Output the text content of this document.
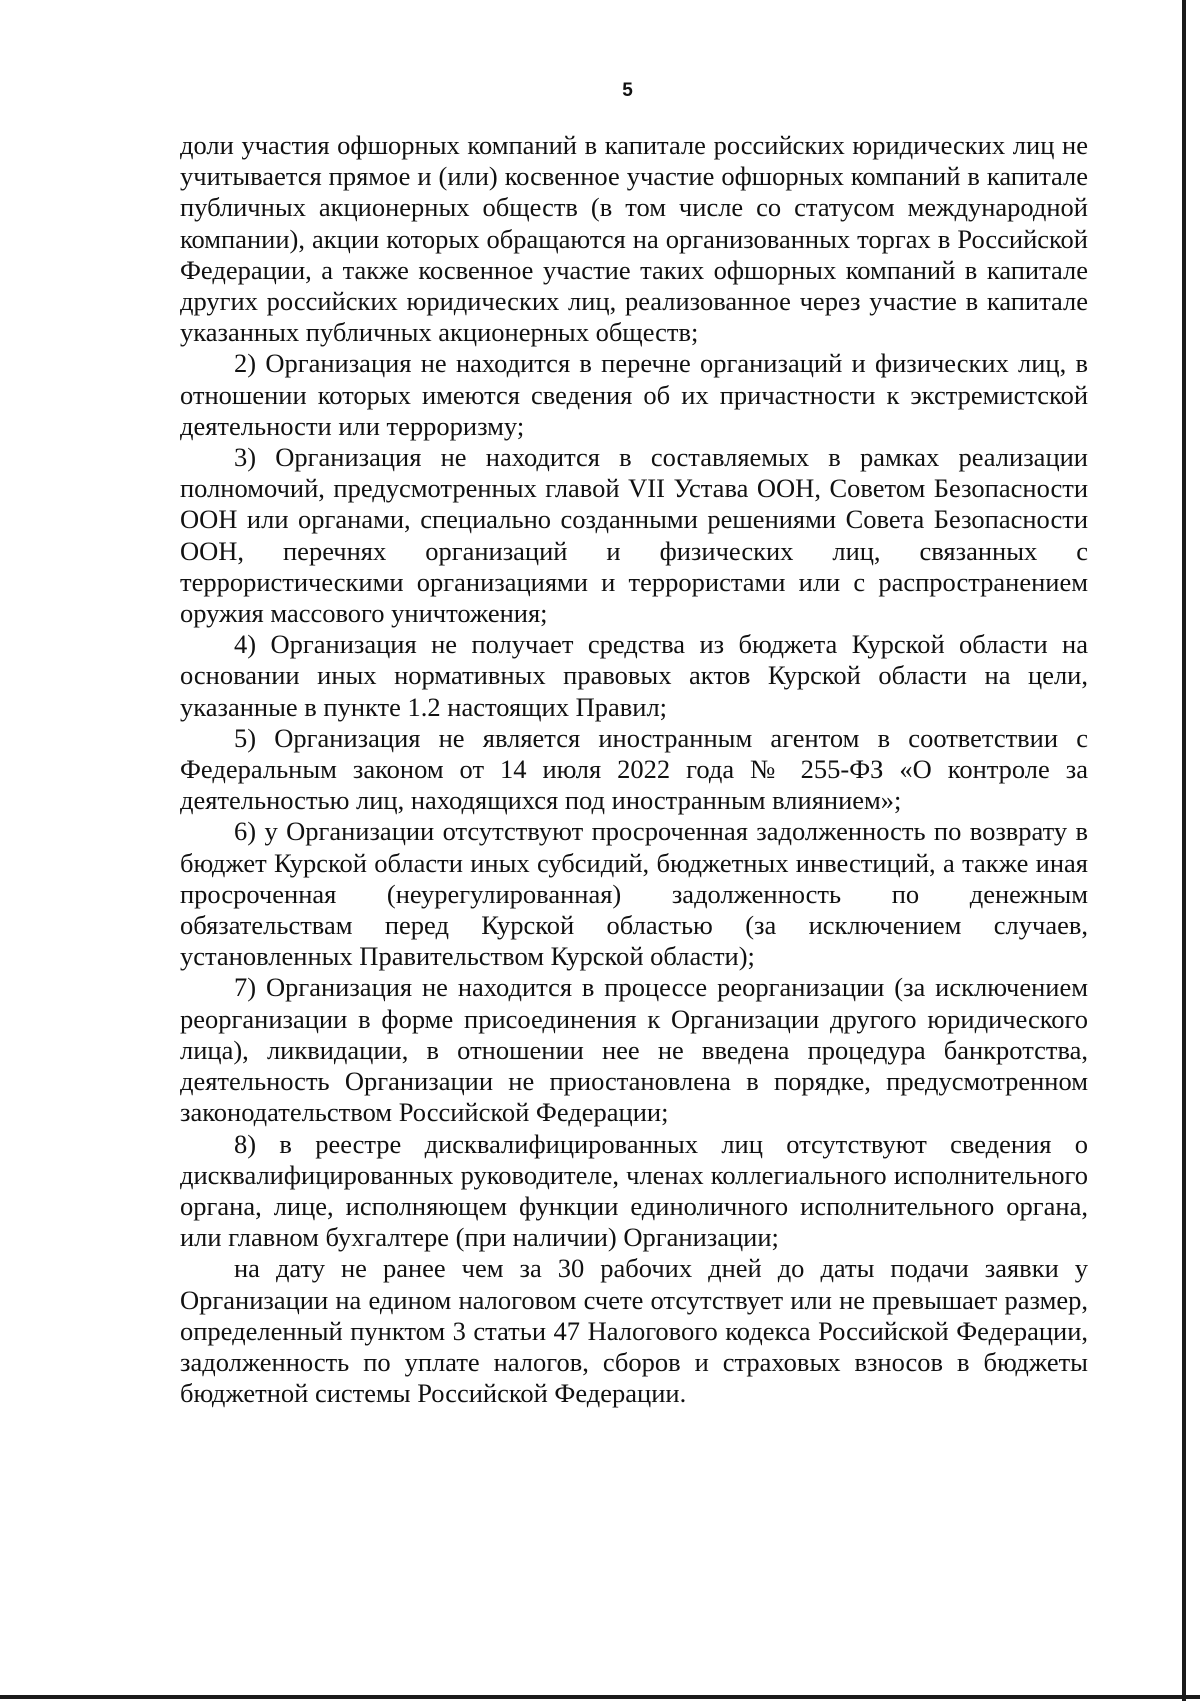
5

доли участия офшорных компаний в капитале российских юридических лиц не учитывается прямое и (или) косвенное участие офшорных компаний в капитале публичных акционерных обществ (в том числе со статусом международной компании), акции которых обращаются на организованных торгах в Российской Федерации, а также косвенное участие таких офшорных компаний в капитале других российских юридических лиц, реализованное через участие в капитале указанных публичных акционерных обществ;

2) Организация не находится в перечне организаций и физических лиц, в отношении которых имеются сведения об их причастности к экстремистской деятельности или терроризму;

3) Организация не находится в составляемых в рамках реализации полномочий, предусмотренных главой VII Устава ООН, Советом Безопасности ООН или органами, специально созданными решениями Совета Безопасности ООН, перечнях организаций и физических лиц, связанных с террористическими организациями и террористами или с распространением оружия массового уничтожения;

4) Организация не получает средства из бюджета Курской области на основании иных нормативных правовых актов Курской области на цели, указанные в пункте 1.2 настоящих Правил;

5) Организация не является иностранным агентом в соответствии с Федеральным законом от 14 июля 2022 года № 255-ФЗ «О контроле за деятельностью лиц, находящихся под иностранным влиянием»;

6) у Организации отсутствуют просроченная задолженность по возврату в бюджет Курской области иных субсидий, бюджетных инвестиций, а также иная просроченная (неурегулированная) задолженность по денежным обязательствам перед Курской областью (за исключением случаев, установленных Правительством Курской области);

7) Организация не находится в процессе реорганизации (за исключением реорганизации в форме присоединения к Организации другого юридического лица), ликвидации, в отношении нее не введена процедура банкротства, деятельность Организации не приостановлена в порядке, предусмотренном законодательством Российской Федерации;

8) в реестре дисквалифицированных лиц отсутствуют сведения о дисквалифицированных руководителе, членах коллегиального исполнительного органа, лице, исполняющем функции единоличного исполнительного органа, или главном бухгалтере (при наличии) Организации;

на дату не ранее чем за 30 рабочих дней до даты подачи заявки у Организации на едином налоговом счете отсутствует или не превышает размер, определенный пунктом 3 статьи 47 Налогового кодекса Российской Федерации, задолженность по уплате налогов, сборов и страховых взносов в бюджеты бюджетной системы Российской Федерации.
